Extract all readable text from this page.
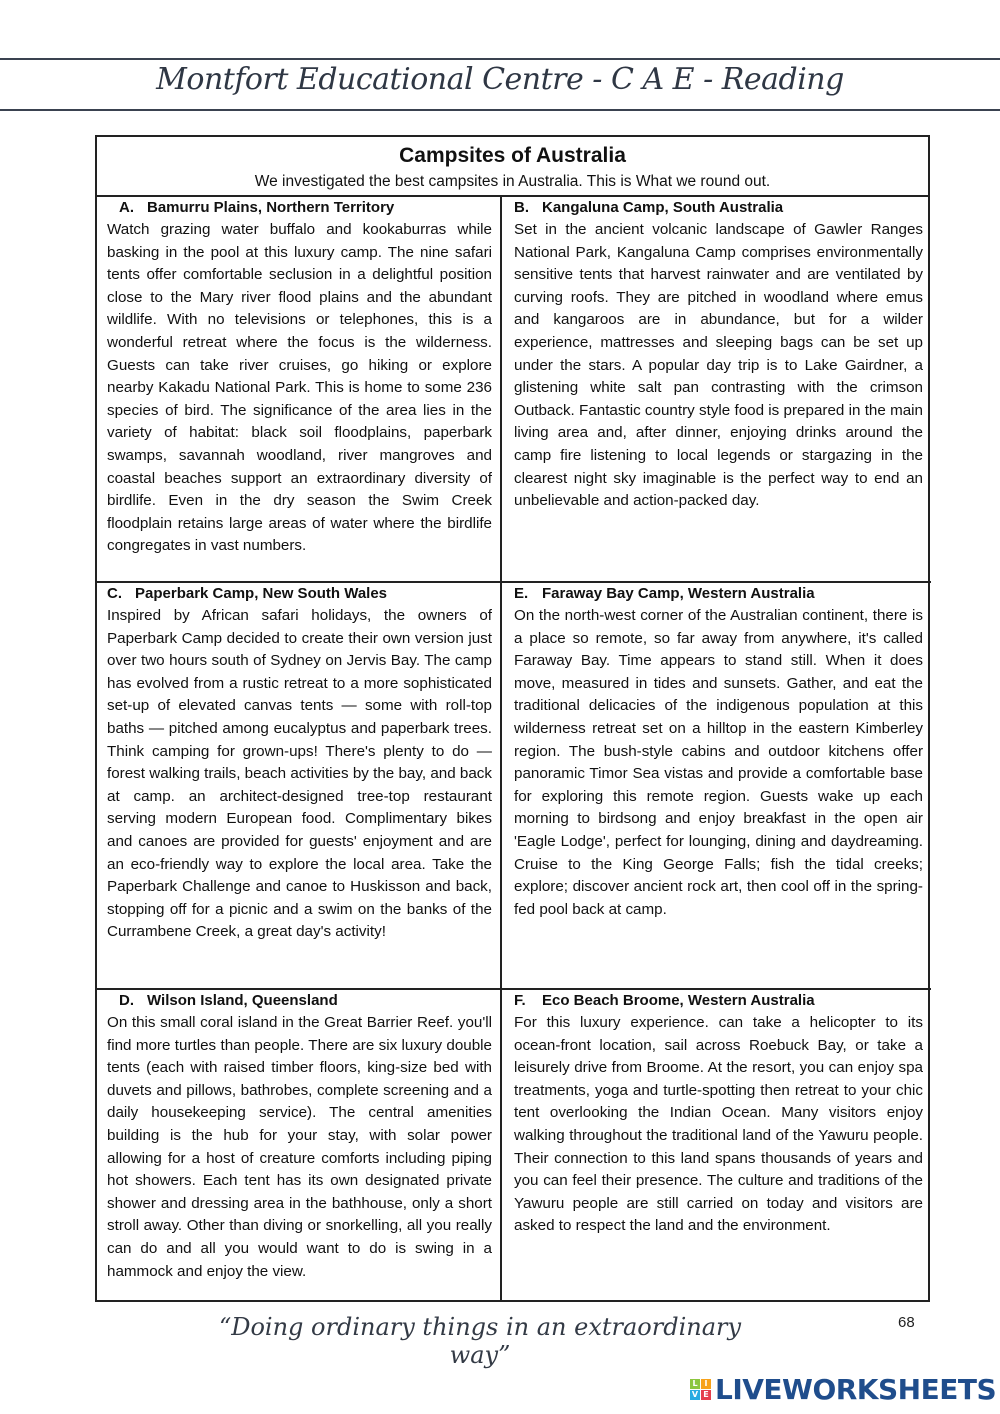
Montfort Educational Centre - C A E - Reading
Campsites of Australia
We investigated the best campsites in Australia. This is What we round out.
A. Bamurru Plains, Northern Territory
Watch grazing water buffalo and kookaburras while basking in the pool at this luxury camp. The nine safari tents offer comfortable seclusion in a delightful position close to the Mary river flood plains and the abundant wildlife. With no televisions or telephones, this is a wonderful retreat where the focus is the wilderness. Guests can take river cruises, go hiking or explore nearby Kakadu National Park. This is home to some 236 species of bird. The significance of the area lies in the variety of habitat: black soil floodplains, paperbark swamps, savannah woodland, river mangroves and coastal beaches support an extraordinary diversity of birdlife. Even in the dry season the Swim Creek floodplain retains large areas of water where the birdlife congregates in vast numbers.
B. Kangaluna Camp, South Australia
Set in the ancient volcanic landscape of Gawler Ranges National Park, Kangaluna Camp comprises environmentally sensitive tents that harvest rainwater and are ventilated by curving roofs. They are pitched in woodland where emus and kangaroos are in abundance, but for a wilder experience, mattresses and sleeping bags can be set up under the stars. A popular day trip is to Lake Gairdner, a glistening white salt pan contrasting with the crimson Outback. Fantastic country style food is prepared in the main living area and, after dinner, enjoying drinks around the camp fire listening to local legends or stargazing in the clearest night sky imaginable is the perfect way to end an unbelievable and action-packed day.
C. Paperbark Camp, New South Wales
Inspired by African safari holidays, the owners of Paperbark Camp decided to create their own version just over two hours south of Sydney on Jervis Bay. The camp has evolved from a rustic retreat to a more sophisticated set-up of elevated canvas tents — some with roll-top baths — pitched among eucalyptus and paperbark trees. Think camping for grown-ups! There's plenty to do — forest walking trails, beach activities by the bay, and back at camp. an architect-designed tree-top restaurant serving modern European food. Complimentary bikes and canoes are provided for guests' enjoyment and are an eco-friendly way to explore the local area. Take the Paperbark Challenge and canoe to Huskisson and back, stopping off for a picnic and a swim on the banks of the Currambene Creek, a great day's activity!
E. Faraway Bay Camp, Western Australia
On the north-west corner of the Australian continent, there is a place so remote, so far away from anywhere, it's called Faraway Bay. Time appears to stand still. When it does move, measured in tides and sunsets. Gather, and eat the traditional delicacies of the indigenous population at this wilderness retreat set on a hilltop in the eastern Kimberley region. The bush-style cabins and outdoor kitchens offer panoramic Timor Sea vistas and provide a comfortable base for exploring this remote region. Guests wake up each morning to birdsong and enjoy breakfast in the open air 'Eagle Lodge', perfect for lounging, dining and daydreaming. Cruise to the King George Falls; fish the tidal creeks; explore; discover ancient rock art, then cool off in the spring-fed pool back at camp.
D. Wilson Island, Queensland
On this small coral island in the Great Barrier Reef. you'll find more turtles than people. There are six luxury double tents (each with raised timber floors, king-size bed with duvets and pillows, bathrobes, complete screening and a daily housekeeping service). The central amenities building is the hub for your stay, with solar power allowing for a host of creature comforts including piping hot showers. Each tent has its own designated private shower and dressing area in the bathhouse, only a short stroll away. Other than diving or snorkelling, all you really can do and all you would want to do is swing in a hammock and enjoy the view.
F. Eco Beach Broome, Western Australia
For this luxury experience. can take a helicopter to its ocean-front location, sail across Roebuck Bay, or take a leisurely drive from Broome. At the resort, you can enjoy spa treatments, yoga and turtle-spotting then retreat to your chic tent overlooking the Indian Ocean. Many visitors enjoy walking throughout the traditional land of the Yawuru people. Their connection to this land spans thousands of years and you can feel their presence. The culture and traditions of the Yawuru people are still carried on today and visitors are asked to respect the land and the environment.
“Doing ordinary things in an extraordinary way”
68
L I
V E LIVEWORKSHEETS
